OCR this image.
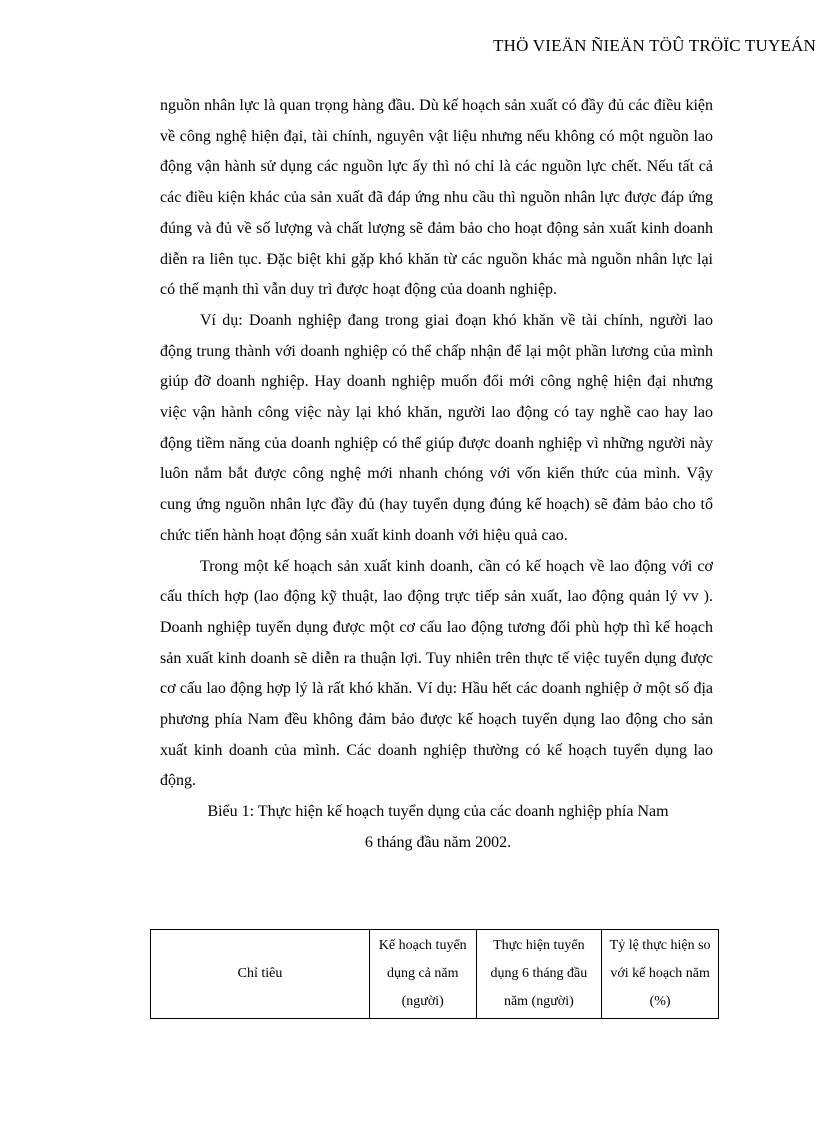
THÖ VIEÄN ÑIEÄN TÖÛ TRÖÏC TUYEÁN

nguồn nhân lực là quan trọng hàng đầu. Dù kế hoạch sản xuất có đầy đủ các điều kiện về công nghệ hiện đại, tài chính, nguyên vật liệu nhưng nếu không có một nguồn lao động vận hành sử dụng các nguồn lực ấy thì nó chỉ là các nguồn lực chết. Nếu tất cả các điều kiện khác của sản xuất đã đáp ứng nhu cầu thì nguồn nhân lực được đáp ứng đúng và đủ về số lượng và chất lượng sẽ đảm bảo cho hoạt động sản xuất kinh doanh diễn ra liên tục. Đặc biệt khi gặp khó khăn từ các nguồn khác mà nguồn nhân lực lại có thế mạnh thì vẫn duy trì được hoạt động của doanh nghiệp.

Ví dụ: Doanh nghiệp đang trong giai đoạn khó khăn về tài chính, người lao động trung thành với doanh nghiệp có thể chấp nhận để lại một phần lương của mình giúp đỡ doanh nghiệp. Hay doanh nghiệp muốn đổi mới công nghệ hiện đại nhưng việc vận hành công việc này lại khó khăn, người lao động có tay nghề cao hay lao động tiềm năng của doanh nghiệp có thể giúp được doanh nghiệp vì những người này luôn nắm bắt được công nghệ mới nhanh chóng với vốn kiến thức của mình. Vậy cung ứng nguồn nhân lực đầy đủ (hay tuyển dụng đúng kế hoạch) sẽ đảm bảo cho tổ chức tiến hành hoạt động sản xuất kinh doanh với hiệu quả cao.

Trong một kế hoạch sản xuất kinh doanh, cần có kế hoạch về lao động với cơ cấu thích hợp (lao động kỹ thuật, lao động trực tiếp sản xuất, lao động quản lý vv ). Doanh nghiệp tuyển dụng được một cơ cấu lao động tương đối phù hợp thì kế hoạch sản xuất kinh doanh sẽ diễn ra thuận lợi. Tuy nhiên trên thực tế việc tuyển dụng được cơ cấu lao động hợp lý là rất khó khăn. Ví dụ: Hầu hết các doanh nghiệp ở một số địa phương phía Nam đều không đảm bảo được kế hoạch tuyển dụng lao động cho sản xuất kinh doanh của mình. Các doanh nghiệp thường có kế hoạch tuyển dụng lao động.

Biểu 1: Thực hiện kế hoạch tuyển dụng của các doanh nghiệp phía Nam

6 tháng đầu năm 2002.

Chỉ tiêu	Kế hoạch tuyển dụng cả năm (người)	Thực hiện tuyển dụng 6 tháng đầu năm (người)	Tỷ lệ thực hiện so với kế hoạch năm (%)
